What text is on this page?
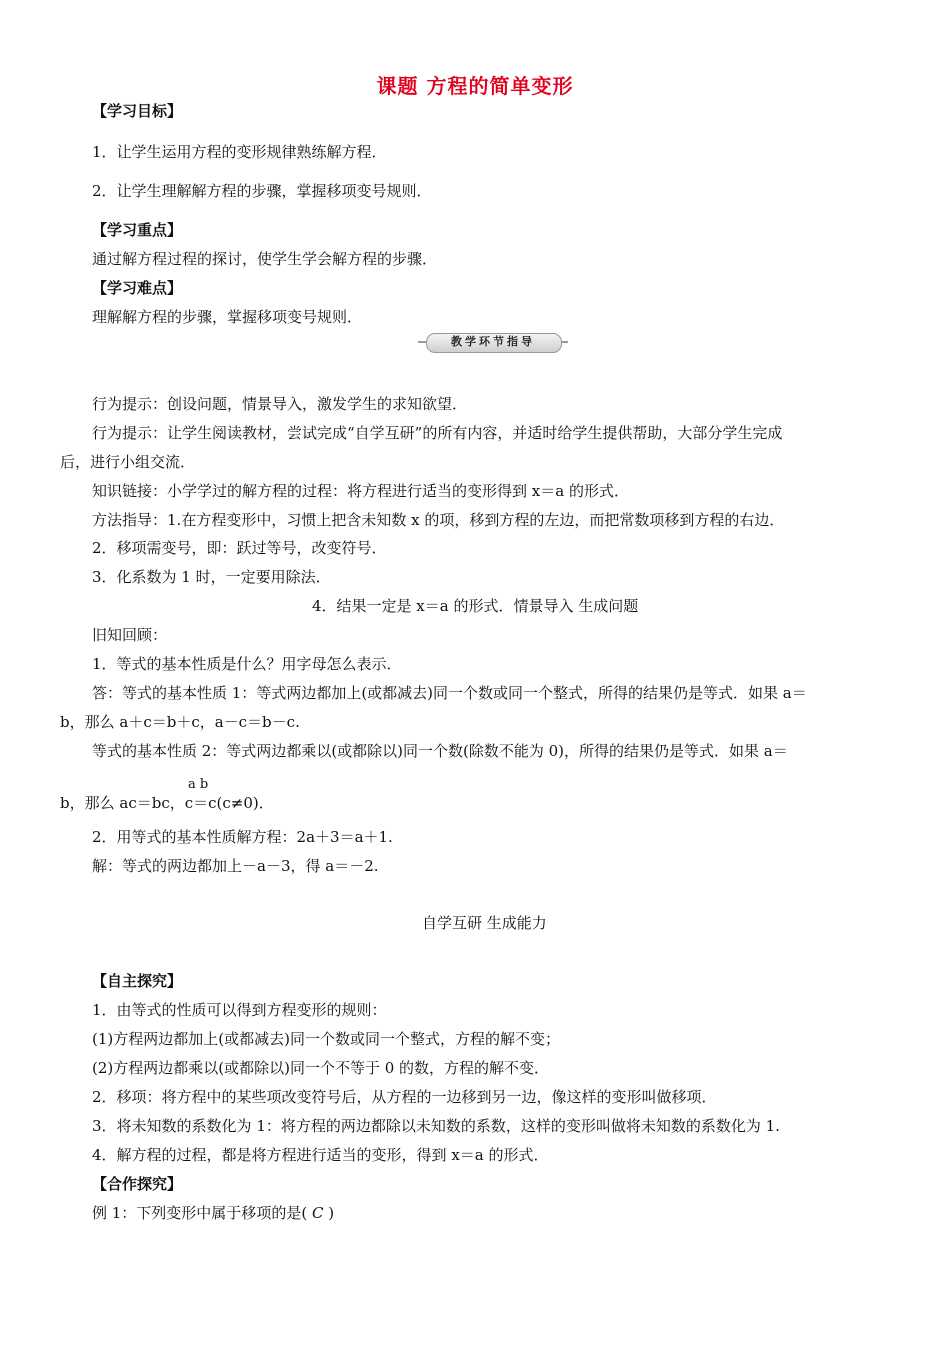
课题 方程的简单变形
【学习目标】
1．让学生运用方程的变形规律熟练解方程．
2．让学生理解解方程的步骤，掌握移项变号规则．
【学习重点】
通过解方程过程的探讨，使学生学会解方程的步骤．
【学习难点】
理解解方程的步骤，掌握移项变号规则．
教学环节指导
行为提示：创设问题，情景导入，激发学生的求知欲望．
行为提示：让学生阅读教材，尝试完成“自学互研”的所有内容，并适时给学生提供帮助，大部分学生完成
后，进行小组交流．
知识链接：小学学过的解方程的过程：将方程进行适当的变形得到 x＝a 的形式．
方法指导：1.在方程变形中，习惯上把含未知数 x 的项，移到方程的左边，而把常数项移到方程的右边．
2．移项需变号，即：跃过等号，改变符号．
3．化系数为 1 时，一定要用除法．
4．结果一定是 x＝a 的形式．情景导入 生成问题
旧知回顾：
1．等式的基本性质是什么？用字母怎么表示．
答：等式的基本性质 1：等式两边都加上(或都减去)同一个数或同一个整式，所得的结果仍是等式．如果 a＝
b，那么 a＋c＝b＋c，a－c＝b－c.
等式的基本性质 2：等式两边都乘以(或都除以)同一个数(除数不能为 0)，所得的结果仍是等式．如果 a＝
a b
b，那么 ac＝bc，c＝c(c≠0)．
2．用等式的基本性质解方程：2a＋3＝a＋1.
解：等式的两边都加上－a－3，得 a＝－2.
自学互研 生成能力
【自主探究】
1．由等式的性质可以得到方程变形的规则：
(1)方程两边都加上(或都减去)同一个数或同一个整式，方程的解不变；
(2)方程两边都乘以(或都除以)同一个不等于 0 的数，方程的解不变．
2．移项：将方程中的某些项改变符号后，从方程的一边移到另一边，像这样的变形叫做移项．
3．将未知数的系数化为 1：将方程的两边都除以未知数的系数，这样的变形叫做将未知数的系数化为 1.
4．解方程的过程，都是将方程进行适当的变形，得到 x＝a 的形式．
【合作探究】
例 1：下列变形中属于移项的是( C )
